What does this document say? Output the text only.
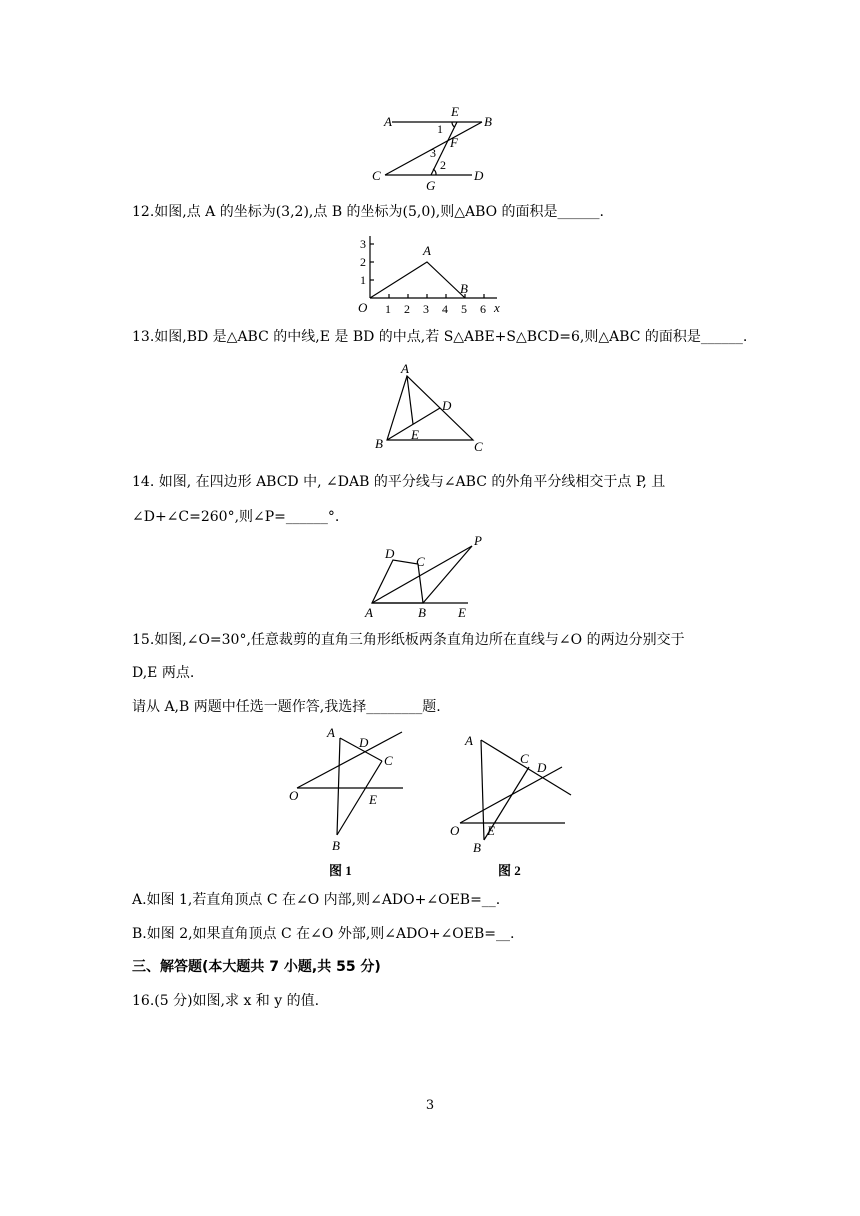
A
E
B
1
F
3
2
C
G
D
12.如图,点 A 的坐标为(3,2),点 B 的坐标为(5,0),则△ABO 的面积是______.
A
B
O	x
1 2 3 4 5 6
1
2
3
13.如图,BD 是△ABC 的中线,E 是 BD 的中点,若 S△ABE+S△BCD=6,则△ABC 的面积是______.
A
D
E
B	C
14. 如图, 在四边形 ABCD 中, ∠DAB 的平分线与∠ABC 的外角平分线相交于点 P, 且
∠D+∠C=260°,则∠P=______°.
D
C
P
A	B E
15.如图,∠O=30°,任意裁剪的直角三角形纸板两条直角边所在直线与∠O 的两边分别交于
D,E 两点.
请从 A,B 两题中任选一题作答,我选择________题.
A
D
C
O	E
B
图 1
A
C
D
O E
B
图 2
A.如图 1,若直角顶点 C 在∠O 内部,则∠ADO+∠OEB=__.
B.如图 2,如果直角顶点 C 在∠O 外部,则∠ADO+∠OEB=__.
三、解答题(本大题共 7 小题,共 55 分)
16.(5 分)如图,求 x 和 y 的值.
3
